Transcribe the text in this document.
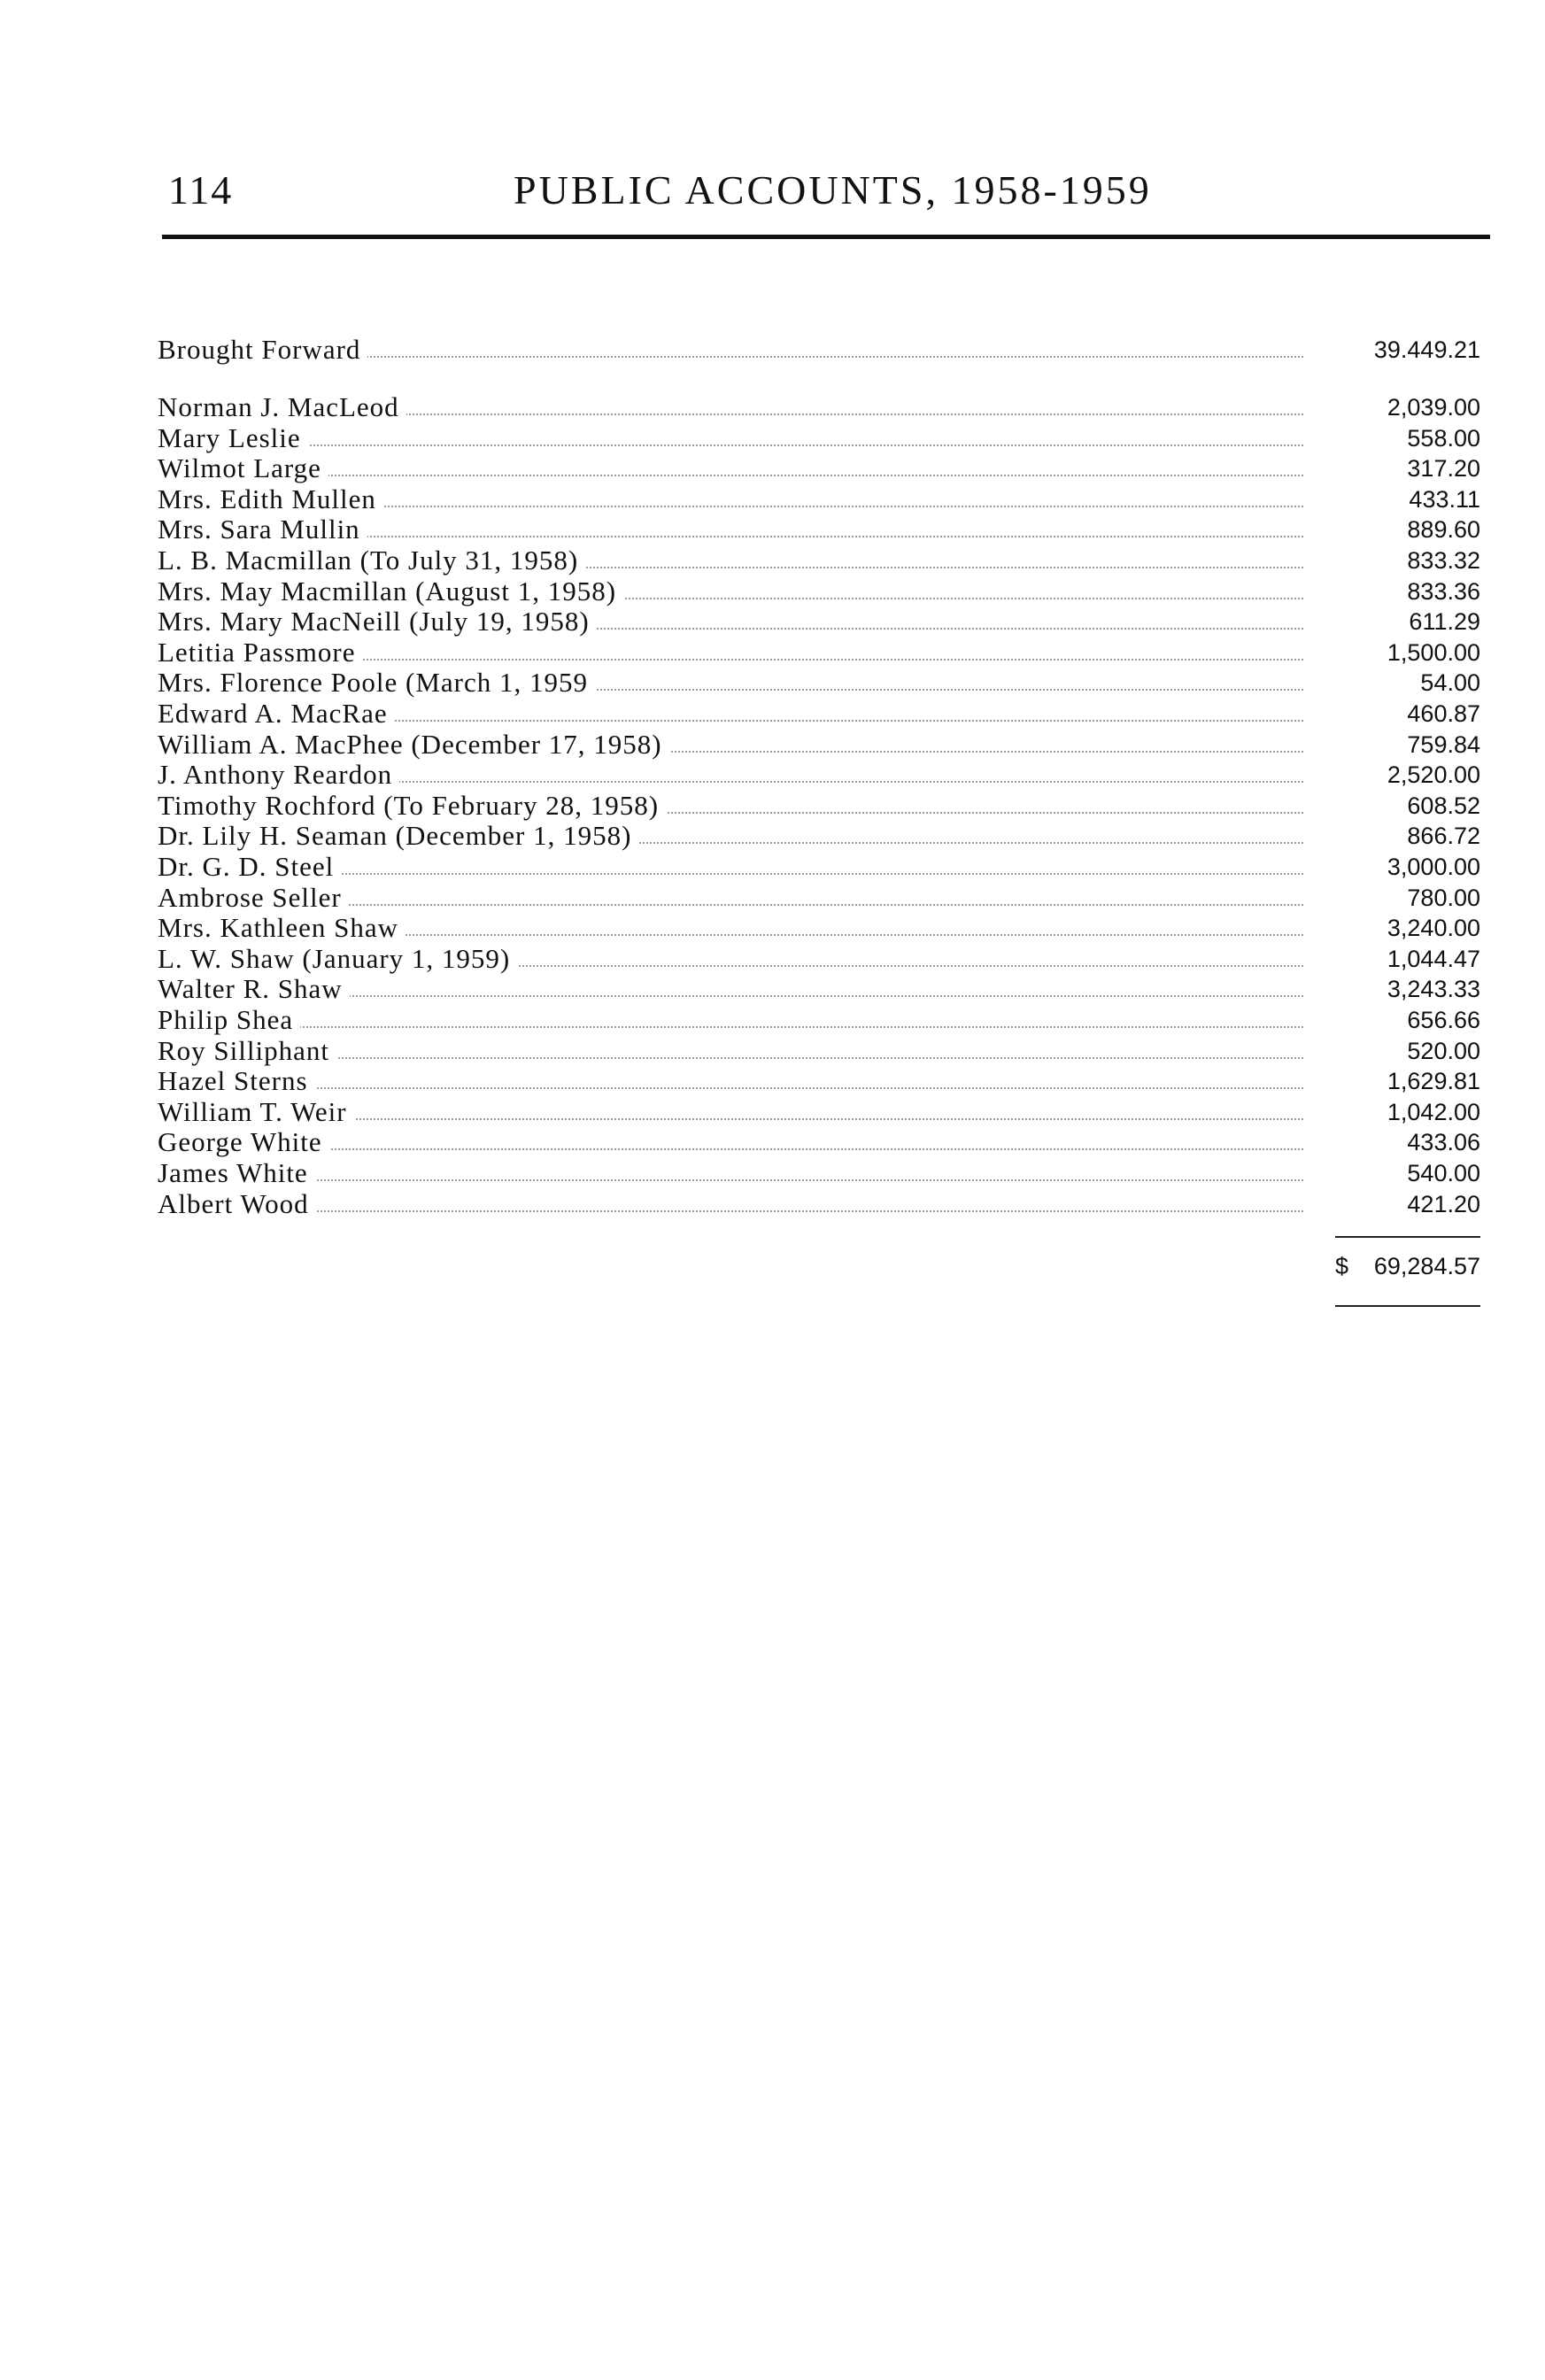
114	PUBLIC ACCOUNTS, 1958-1959
Brought Forward	39.449.21
Norman J. MacLeod	2,039.00
Mary Leslie	558.00
Wilmot Large	317.20
Mrs. Edith Mullen	433.11
Mrs. Sara Mullin	889.60
L. B. Macmillan (To July 31, 1958)	833.32
Mrs. May Macmillan (August 1, 1958)	833.36
Mrs. Mary MacNeill (July 19, 1958)	611.29
Letitia Passmore	1,500.00
Mrs. Florence Poole (March 1, 1959	54.00
Edward A. MacRae	460.87
William A. MacPhee (December 17, 1958)	759.84
J. Anthony Reardon	2,520.00
Timothy Rochford (To February 28, 1958)	608.52
Dr. Lily H. Seaman (December 1, 1958)	866.72
Dr. G. D. Steel	3,000.00
Ambrose Seller	780.00
Mrs. Kathleen Shaw	3,240.00
L. W. Shaw (January 1, 1959)	1,044.47
Walter R. Shaw	3,243.33
Philip Shea	656.66
Roy Silliphant	520.00
Hazel Sterns	1,629.81
William T. Weir	1,042.00
George White	433.06
James White	540.00
Albert Wood	421.20
$ 69,284.57
